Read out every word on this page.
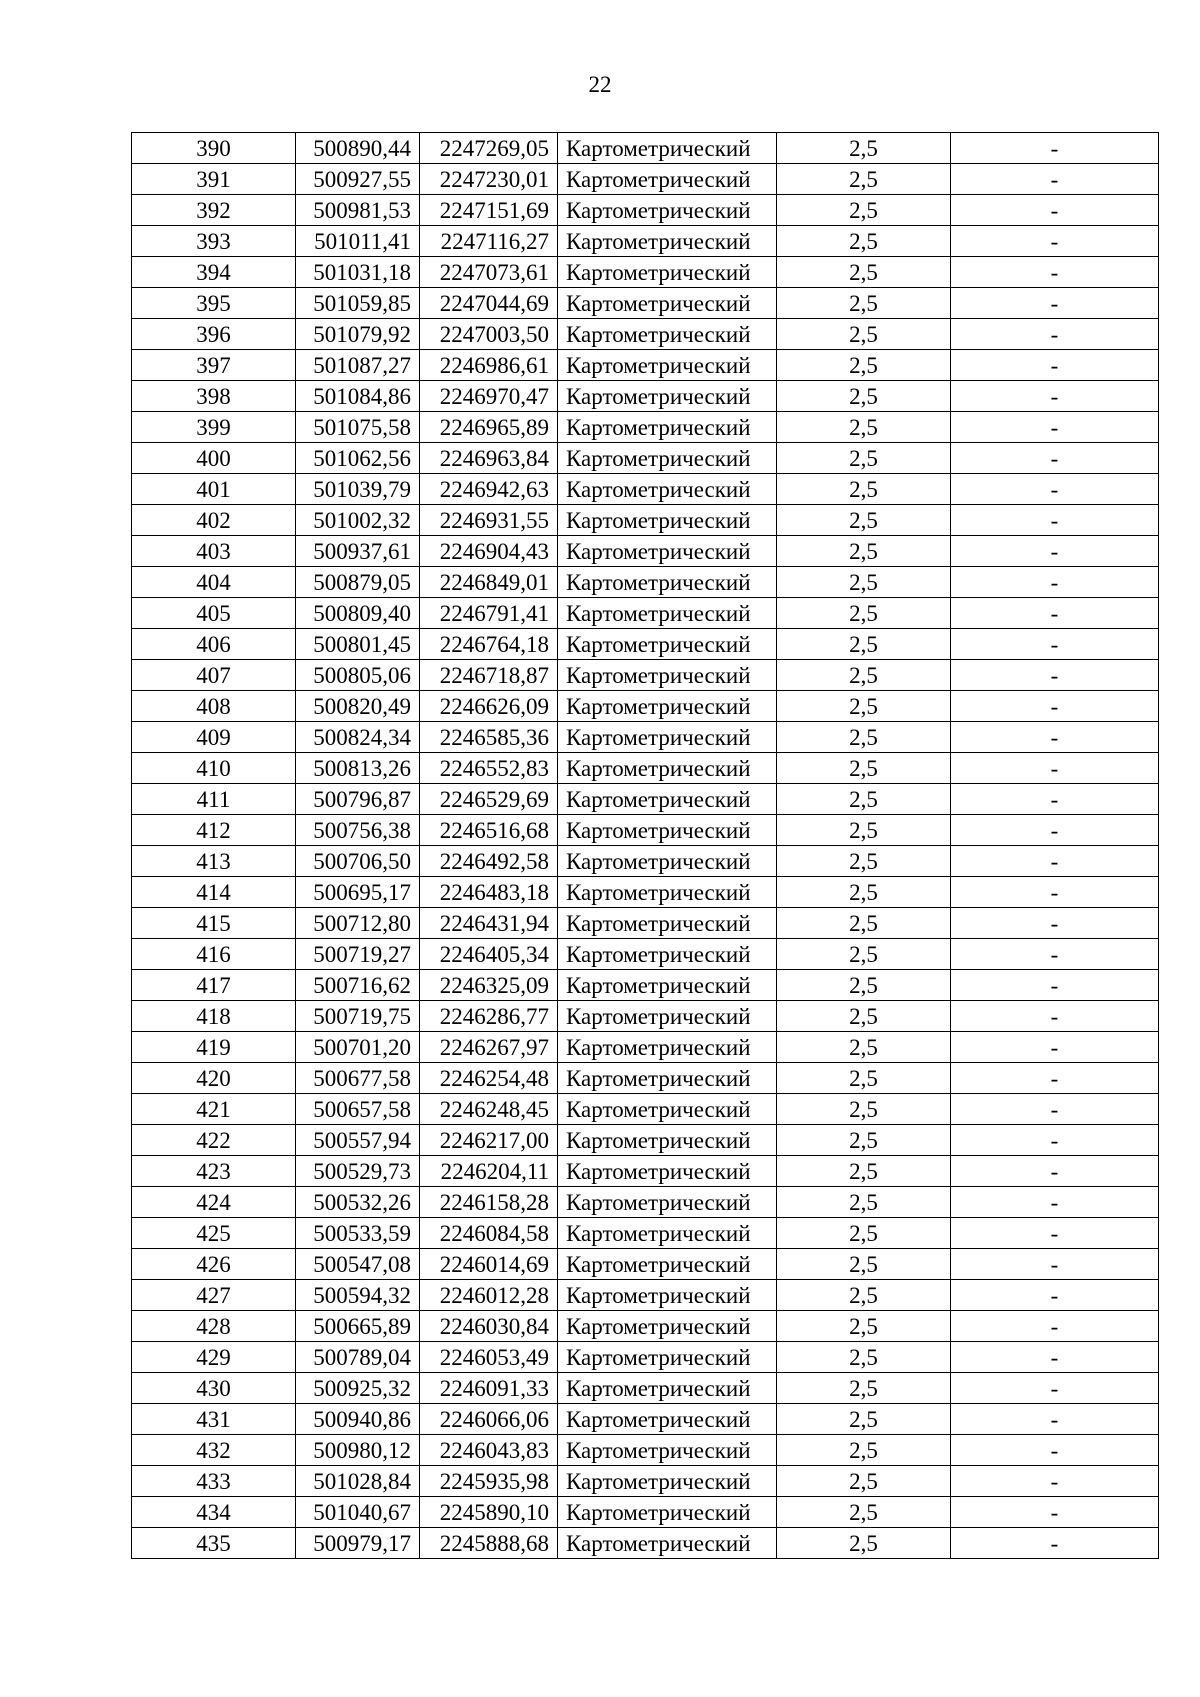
22
390	500890,44	2247269,05	Картометрический	2,5	-
391	500927,55	2247230,01	Картометрический	2,5	-
392	500981,53	2247151,69	Картометрический	2,5	-
393	501011,41	2247116,27	Картометрический	2,5	-
394	501031,18	2247073,61	Картометрический	2,5	-
395	501059,85	2247044,69	Картометрический	2,5	-
396	501079,92	2247003,50	Картометрический	2,5	-
397	501087,27	2246986,61	Картометрический	2,5	-
398	501084,86	2246970,47	Картометрический	2,5	-
399	501075,58	2246965,89	Картометрический	2,5	-
400	501062,56	2246963,84	Картометрический	2,5	-
401	501039,79	2246942,63	Картометрический	2,5	-
402	501002,32	2246931,55	Картометрический	2,5	-
403	500937,61	2246904,43	Картометрический	2,5	-
404	500879,05	2246849,01	Картометрический	2,5	-
405	500809,40	2246791,41	Картометрический	2,5	-
406	500801,45	2246764,18	Картометрический	2,5	-
407	500805,06	2246718,87	Картометрический	2,5	-
408	500820,49	2246626,09	Картометрический	2,5	-
409	500824,34	2246585,36	Картометрический	2,5	-
410	500813,26	2246552,83	Картометрический	2,5	-
411	500796,87	2246529,69	Картометрический	2,5	-
412	500756,38	2246516,68	Картометрический	2,5	-
413	500706,50	2246492,58	Картометрический	2,5	-
414	500695,17	2246483,18	Картометрический	2,5	-
415	500712,80	2246431,94	Картометрический	2,5	-
416	500719,27	2246405,34	Картометрический	2,5	-
417	500716,62	2246325,09	Картометрический	2,5	-
418	500719,75	2246286,77	Картометрический	2,5	-
419	500701,20	2246267,97	Картометрический	2,5	-
420	500677,58	2246254,48	Картометрический	2,5	-
421	500657,58	2246248,45	Картометрический	2,5	-
422	500557,94	2246217,00	Картометрический	2,5	-
423	500529,73	2246204,11	Картометрический	2,5	-
424	500532,26	2246158,28	Картометрический	2,5	-
425	500533,59	2246084,58	Картометрический	2,5	-
426	500547,08	2246014,69	Картометрический	2,5	-
427	500594,32	2246012,28	Картометрический	2,5	-
428	500665,89	2246030,84	Картометрический	2,5	-
429	500789,04	2246053,49	Картометрический	2,5	-
430	500925,32	2246091,33	Картометрический	2,5	-
431	500940,86	2246066,06	Картометрический	2,5	-
432	500980,12	2246043,83	Картометрический	2,5	-
433	501028,84	2245935,98	Картометрический	2,5	-
434	501040,67	2245890,10	Картометрический	2,5	-
435	500979,17	2245888,68	Картометрический	2,5	-
